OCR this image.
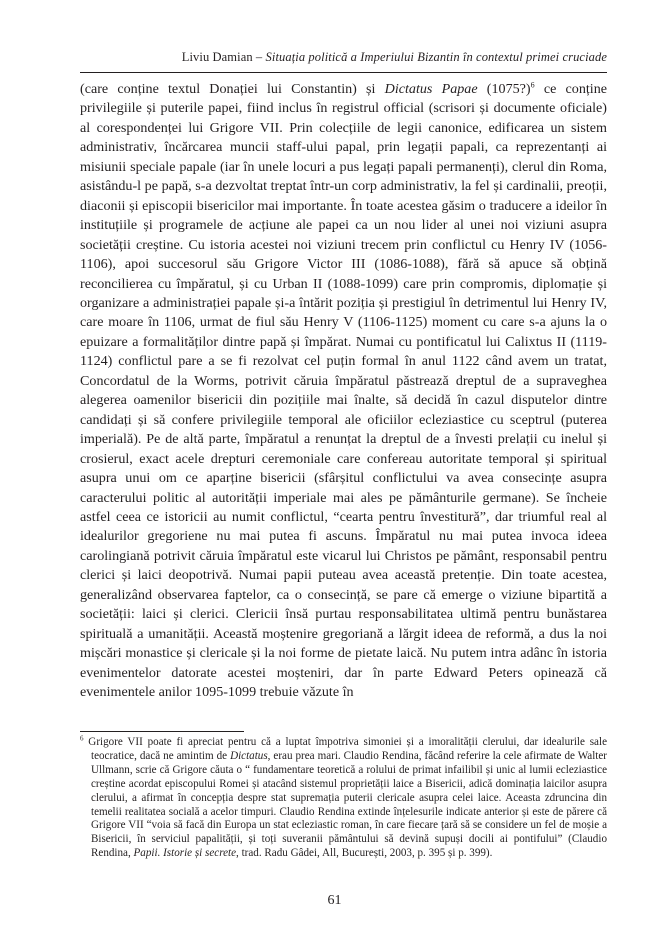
Liviu Damian – Situația politică a Imperiului Bizantin în contextul primei cruciade

(care conține textul Donației lui Constantin) și Dictatus Papae (1075?)$^6$ ce conține privilegiile și puterile papei, fiind inclus în registrul official (scrisori și documente oficiale) al corespondenței lui Grigore VII. Prin colecțiile de legii canonice, edificarea un sistem administrativ, încărcarea muncii staff-ului papal, prin legații papali, ca reprezentanți ai misiunii speciale papale (iar în unele locuri a pus legați papali permanenți), clerul din Roma, asistându-l pe papă, s-a dezvoltat treptat într-un corp administrativ, la fel și cardinalii, preoții, diaconii și episcopii bisericilor mai importante. În toate acestea găsim o traducere a ideilor în instituțiile și programele de acțiune ale papei ca un nou lider al unei noi viziuni asupra societății creștine. Cu istoria acestei noi viziuni trecem prin conflictul cu Henry IV (1056-1106), apoi succesorul său Grigore Victor III (1086-1088), fără să apuce să obțină reconcilierea cu împăratul, și cu Urban II (1088-1099) care prin compromis, diplomație și organizare a administrației papale și-a întărit poziția și prestigiul în detrimentul lui Henry IV, care moare în 1106, urmat de fiul său Henry V (1106-1125) moment cu care s-a ajuns la o epuizare a formalităților dintre papă și împărat. Numai cu pontificatul lui Calixtus II (1119-1124) conflictul pare a se fi rezolvat cel puțin formal în anul 1122 când avem un tratat, Concordatul de la Worms, potrivit căruia împăratul păstrează dreptul de a supraveghea alegerea oamenilor bisericii din pozițiile mai înalte, să decidă în cazul disputelor dintre candidați și să confere privilegiile temporal ale oficiilor ecleziastice cu sceptrul (puterea imperială). Pe de altă parte, împăratul a renunțat la dreptul de a învesti prelații cu inelul și crosierul, exact acele drepturi ceremoniale care confereau autoritate temporal și spiritual asupra unui om ce aparține bisericii (sfârșitul conflictului va avea consecințe asupra caracterului politic al autorității imperiale mai ales pe pământurile germane). Se încheie astfel ceea ce istoricii au numit conflictul, “cearta pentru învestitură”, dar triumful real al idealurilor gregoriene nu mai putea fi ascuns. Împăratul nu mai putea invoca ideea carolingiană potrivit căruia împăratul este vicarul lui Christos pe pământ, responsabil pentru clerici și laici deopotrivă. Numai papii puteau avea această pretenție. Din toate acestea, generalizând observarea faptelor, ca o consecință, se pare că emerge o viziune bipartită a societății: laici și clerici. Clericii însă purtau responsabilitatea ultimă pentru bunăstarea spirituală a umanității. Această moștenire gregoriană a lărgit ideea de reformă, a dus la noi mișcări monastice și clericale și la noi forme de pietate laică. Nu putem intra adânc în istoria evenimentelor datorate acestei moșteniri, dar în parte Edward Peters opinează că evenimentele anilor 1095-1099 trebuie văzute în

$^6$ Grigore VII poate fi apreciat pentru că a luptat împotriva simoniei și a imoralității clerului, dar idealurile sale teocratice, dacă ne amintim de Dictatus, erau prea mari. Claudio Rendina, făcând referire la cele afirmate de Walter Ullmann, scrie că Grigore căuta o “ fundamentare teoretică a rolului de primat infailibil și unic al lumii ecleziastice creștine acordat episcopului Romei și atacând sistemul proprietății laice a Bisericii, adică dominația laicilor asupra clerului, a afirmat în concepția despre stat supremația puterii clericale asupra celei laice. Aceasta zdruncina din temelii realitatea socială a acelor timpuri. Claudio Rendina extinde înțelesurile indicate anterior și este de părere că Grigore VII “voia să facă din Europa un stat ecleziastic roman, în care fiecare țară să se considere un fel de moșie a Bisericii, în serviciul papalității, și toți suveranii pământului să devină supuși docili ai pontifului” (Claudio Rendina, Papii. Istorie și secrete, trad. Radu Gâdei, All, București, 2003, p. 395 și p. 399).

61
